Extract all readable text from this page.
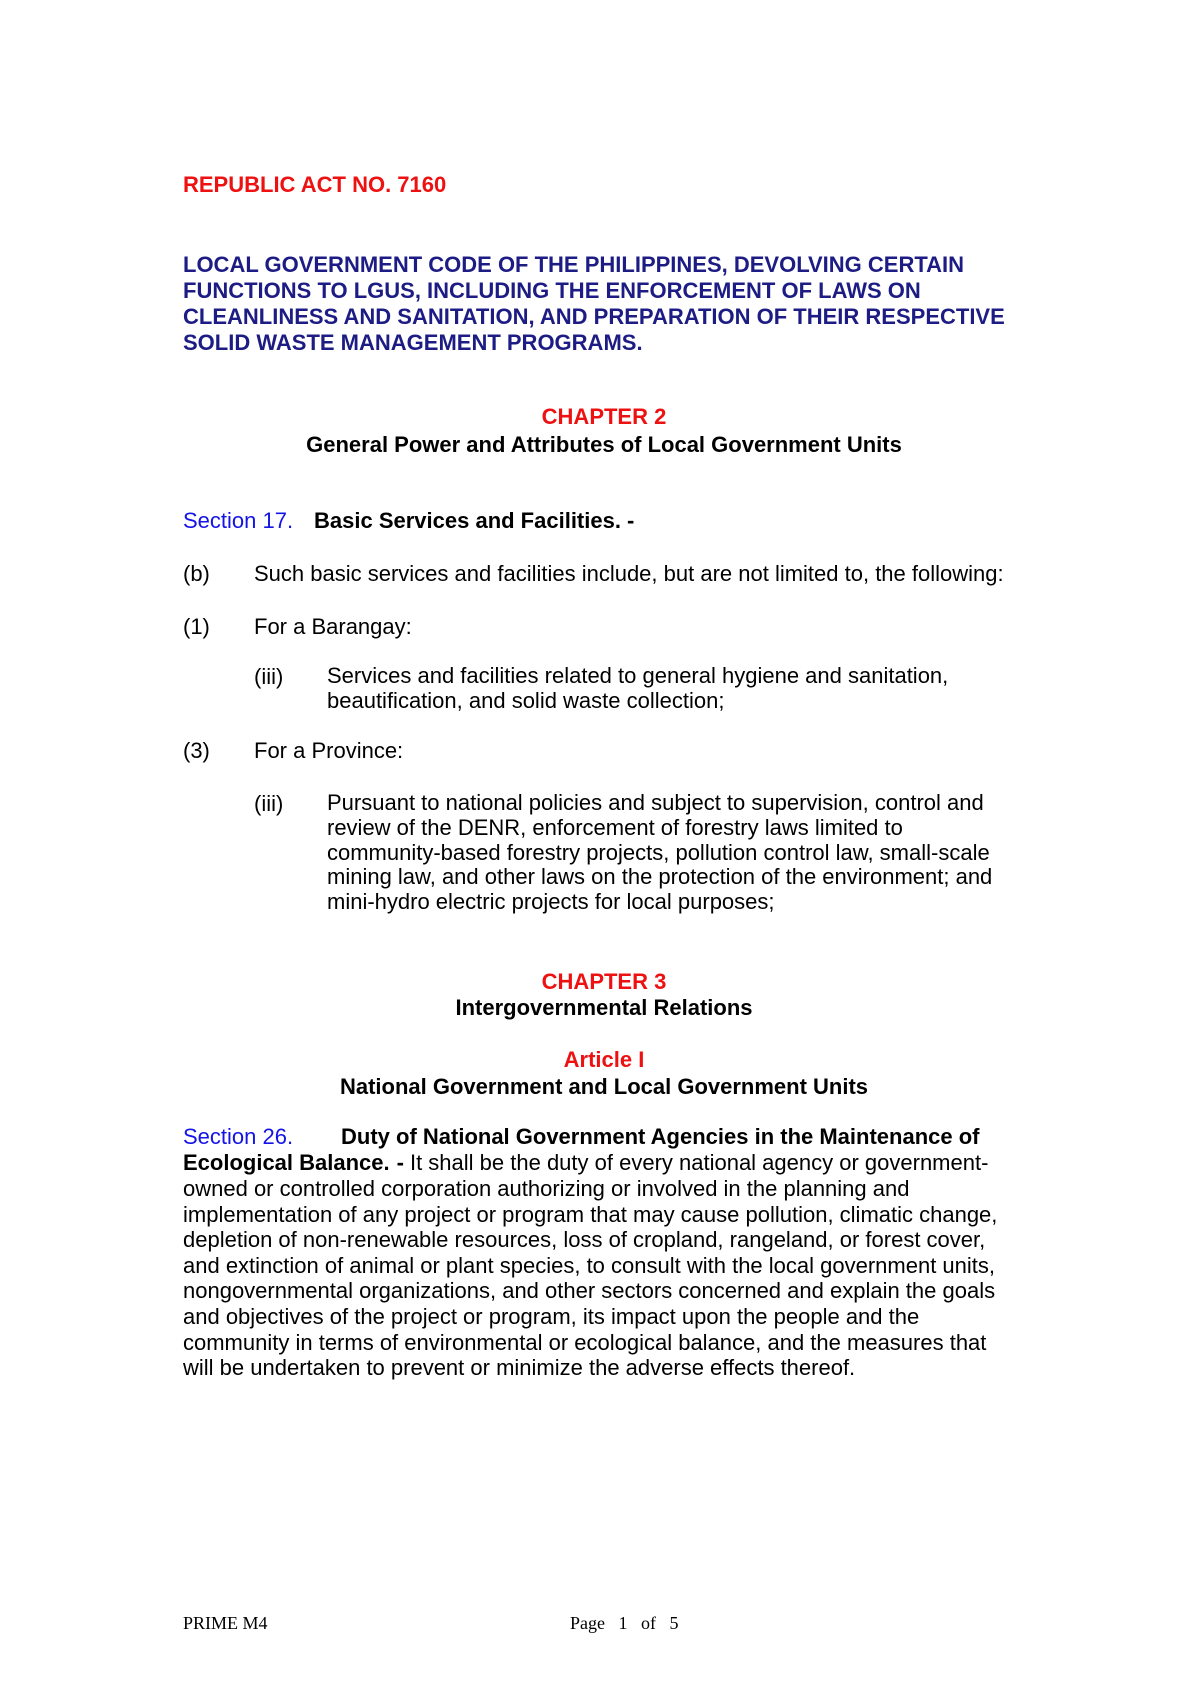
REPUBLIC ACT NO. 7160
LOCAL GOVERNMENT CODE OF THE PHILIPPINES, DEVOLVING CERTAIN
FUNCTIONS TO LGUS, INCLUDING THE ENFORCEMENT OF LAWS ON
CLEANLINESS AND SANITATION, AND PREPARATION OF THEIR RESPECTIVE
SOLID WASTE MANAGEMENT PROGRAMS.
CHAPTER 2
General Power and Attributes of Local Government Units
Section 17. Basic Services and Facilities. -
(b) Such basic services and facilities include, but are not limited to, the following:
(1) For a Barangay:
(iii) Services and facilities related to general hygiene and sanitation,
beautification, and solid waste collection;
(3) For a Province:
(iii) Pursuant to national policies and subject to supervision, control and
review of the DENR, enforcement of forestry laws limited to
community-based forestry projects, pollution control law, small-scale
mining law, and other laws on the protection of the environment; and
mini-hydro electric projects for local purposes;
CHAPTER 3
Intergovernmental Relations
Article I
National Government and Local Government Units
Section 26. Duty of National Government Agencies in the Maintenance of
Ecological Balance. - It shall be the duty of every national agency or government-
owned or controlled corporation authorizing or involved in the planning and
implementation of any project or program that may cause pollution, climatic change,
depletion of non-renewable resources, loss of cropland, rangeland, or forest cover,
and extinction of animal or plant species, to consult with the local government units,
nongovernmental organizations, and other sectors concerned and explain the goals
and objectives of the project or program, its impact upon the people and the
community in terms of environmental or ecological balance, and the measures that
will be undertaken to prevent or minimize the adverse effects thereof.
PRIME M4	Page 1 of 5
